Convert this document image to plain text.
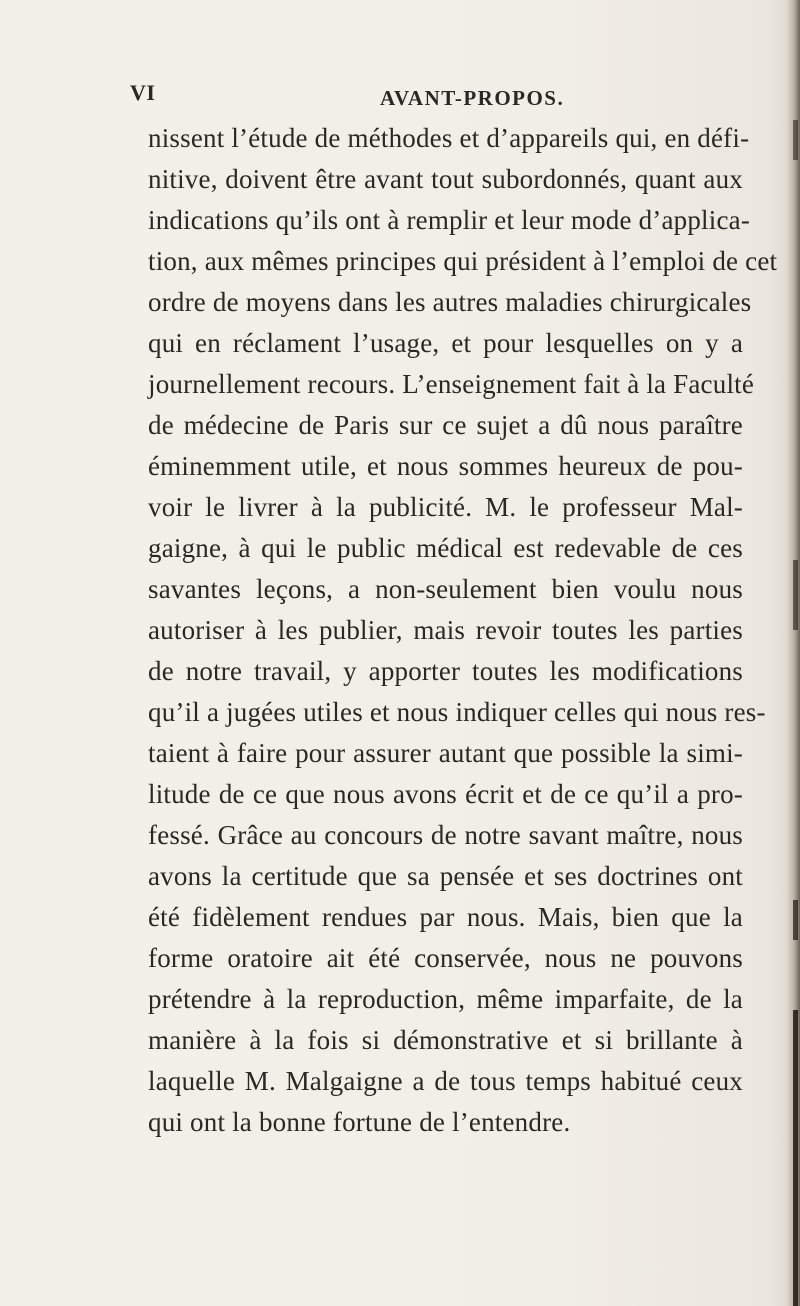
VI	AVANT-PROPOS.
nissent l’étude de méthodes et d’appareils qui, en défi-
nitive, doivent être avant tout subordonnés, quant aux
indications qu’ils ont à remplir et leur mode d’applica-
tion, aux mêmes principes qui président à l’emploi de cet
ordre de moyens dans les autres maladies chirurgicales
qui en réclament l’usage, et pour lesquelles on y a
journellement recours. L’enseignement fait à la Faculté
de médecine de Paris sur ce sujet a dû nous paraître
éminemment utile, et nous sommes heureux de pou-
voir le livrer à la publicité. M. le professeur Mal-
gaigne, à qui le public médical est redevable de ces
savantes leçons, a non-seulement bien voulu nous
autoriser à les publier, mais revoir toutes les parties
de notre travail, y apporter toutes les modifications
qu’il a jugées utiles et nous indiquer celles qui nous res-
taient à faire pour assurer autant que possible la simi-
litude de ce que nous avons écrit et de ce qu’il a pro-
fessé. Grâce au concours de notre savant maître, nous
avons la certitude que sa pensée et ses doctrines ont
été fidèlement rendues par nous. Mais, bien que la
forme oratoire ait été conservée, nous ne pouvons
prétendre à la reproduction, même imparfaite, de la
manière à la fois si démonstrative et si brillante à
laquelle M. Malgaigne a de tous temps habitué ceux
qui ont la bonne fortune de l’entendre.
